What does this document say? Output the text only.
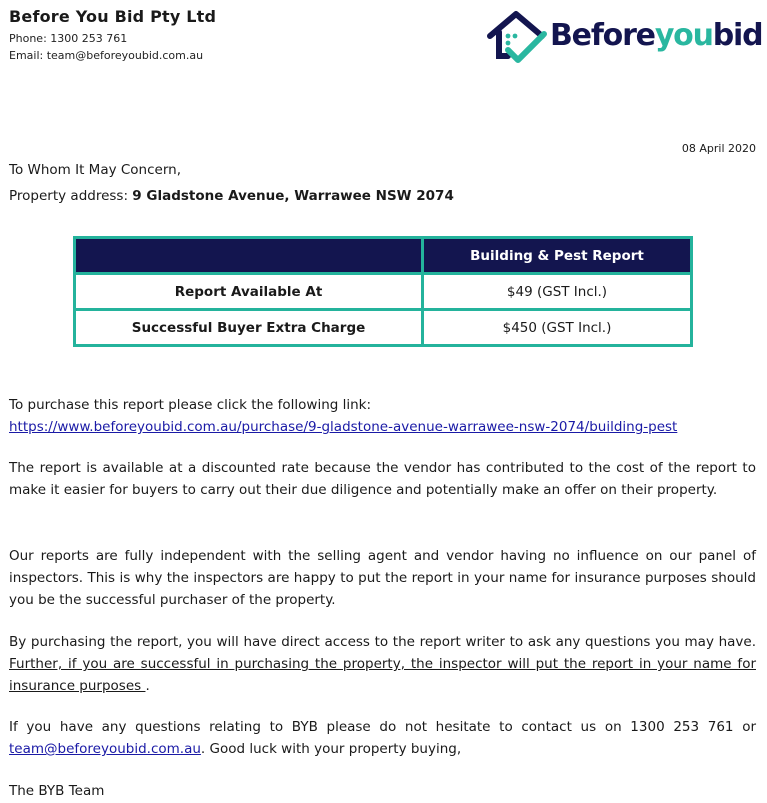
Before You Bid Pty Ltd
Phone: 1300 253 761
Email: team@beforeyoubid.com.au
Beforeyoubid
08 April 2020
To Whom It May Concern,
Property address: 9 Gladstone Avenue, Warrawee NSW 2074
	Building & Pest Report
Report Available At	$49 (GST Incl.)
Successful Buyer Extra Charge	$450 (GST Incl.)
To purchase this report please click the following link:
https://www.beforeyoubid.com.au/purchase/9-gladstone-avenue-warrawee-nsw-2074/building-pest
The report is available at a discounted rate because the vendor has contributed to the cost of the report to make it easier for buyers to carry out their due diligence and potentially make an offer on their property.
Our reports are fully independent with the selling agent and vendor having no influence on our panel of inspectors. This is why the inspectors are happy to put the report in your name for insurance purposes should you be the successful purchaser of the property.
By purchasing the report, you will have direct access to the report writer to ask any questions you may have. Further, if you are successful in purchasing the property, the inspector will put the report in your name for insurance purposes .
If you have any questions relating to BYB please do not hesitate to contact us on 1300 253 761 or team@beforeyoubid.com.au. Good luck with your property buying,
The BYB Team
